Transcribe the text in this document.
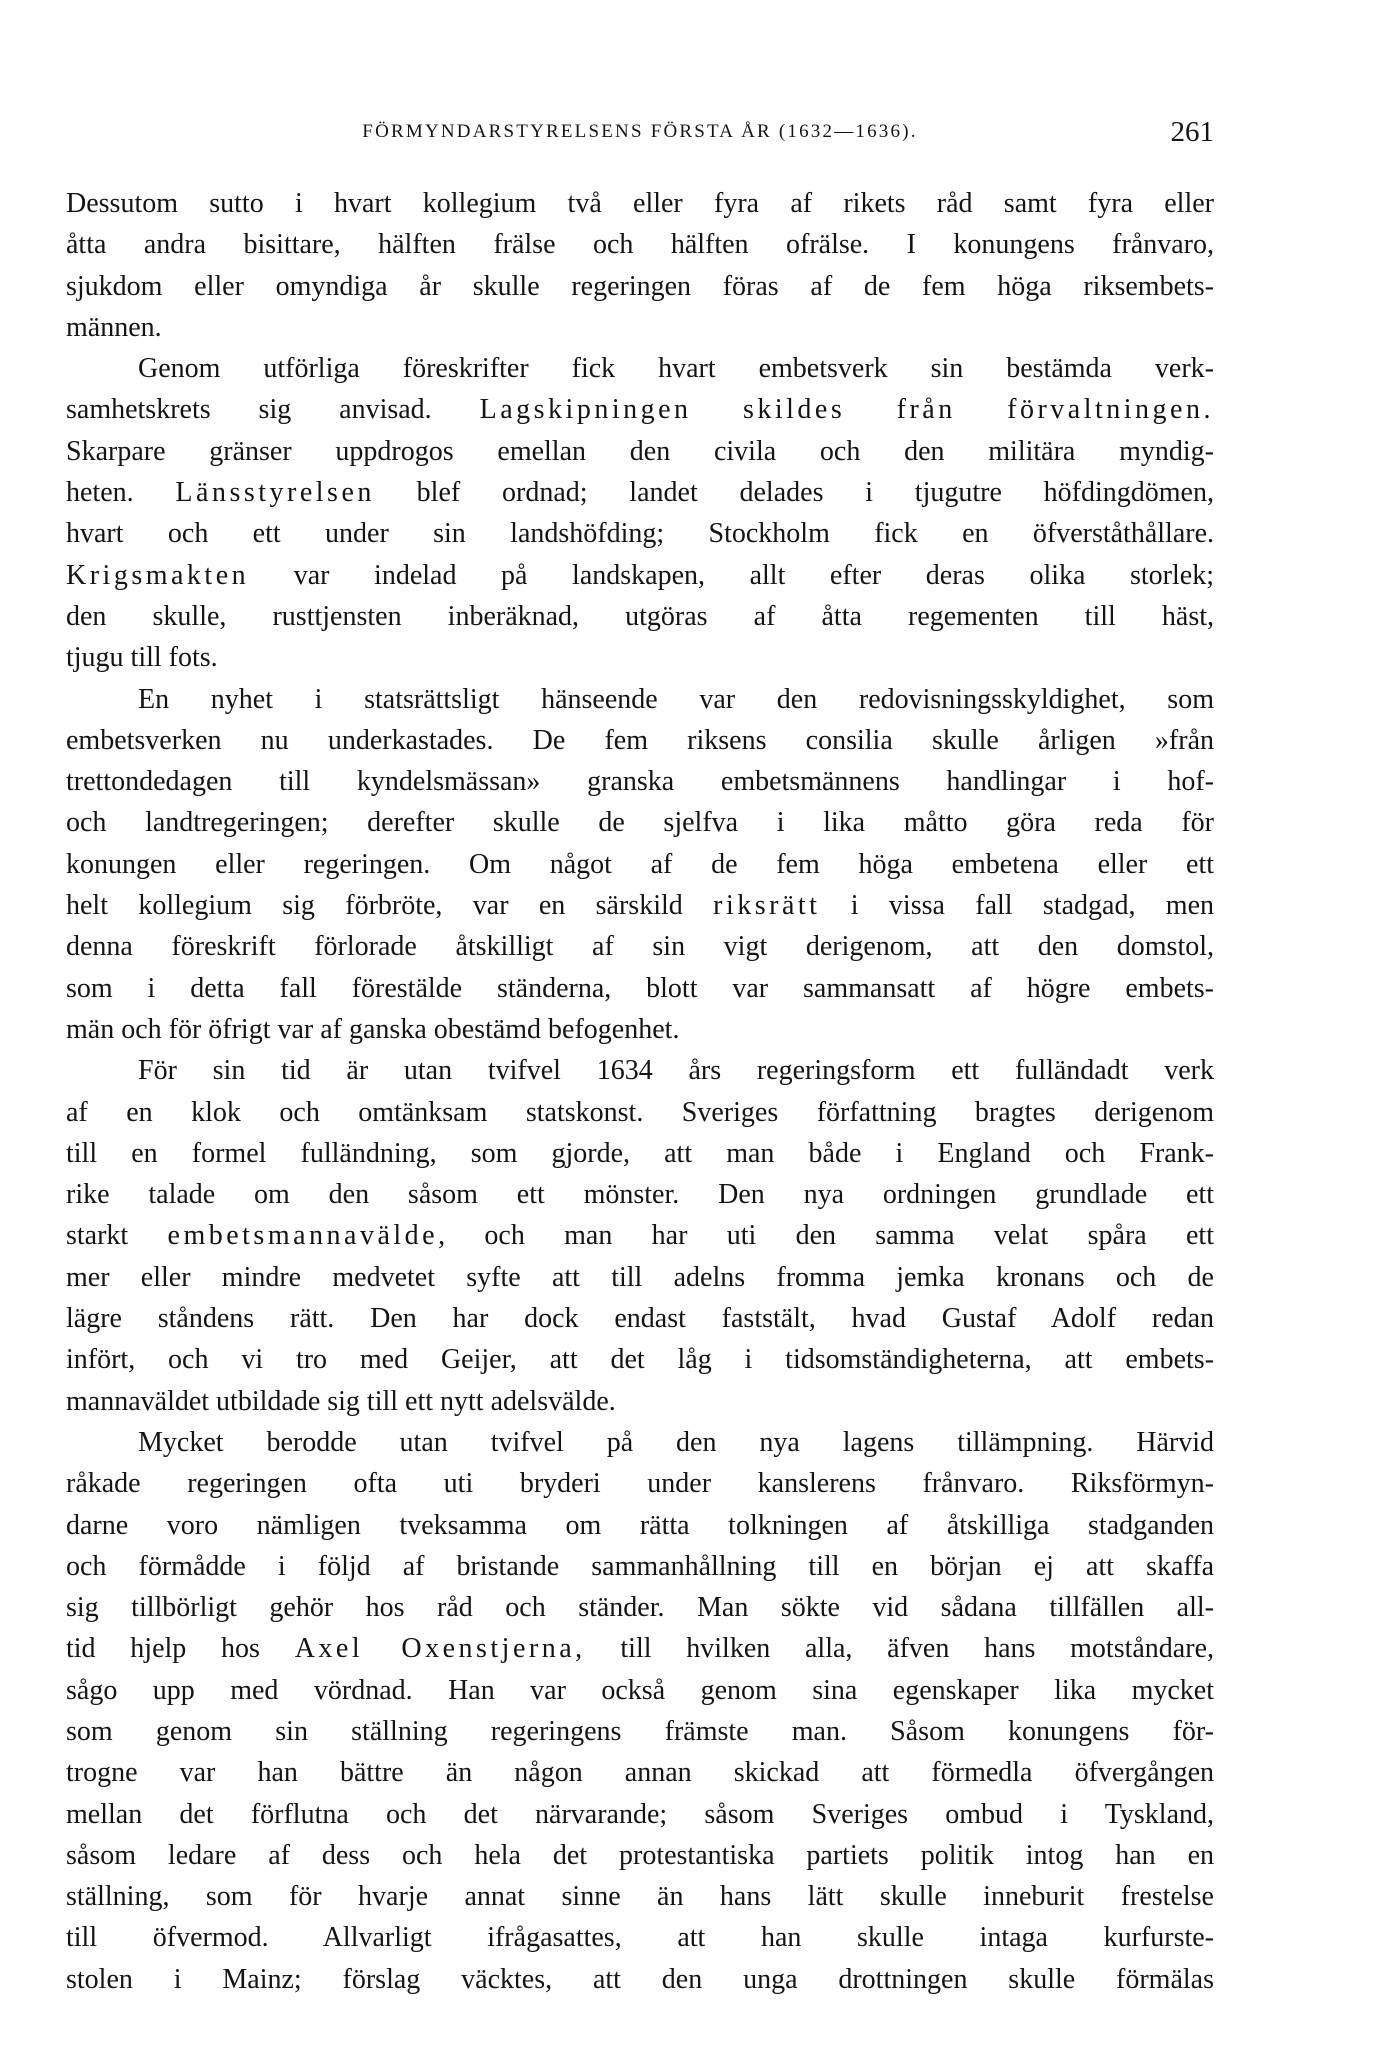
FÖRMYNDARSTYRELSENS FÖRSTA ÅR (1632—1636).	261
Dessutom sutto i hvart kollegium två eller fyra af rikets råd samt fyra eller
åtta andra bisittare, hälften frälse och hälften ofrälse. I konungens frånvaro,
sjukdom eller omyndiga år skulle regeringen föras af de fem höga riksembets-
männen.
Genom utförliga föreskrifter fick hvart embetsverk sin bestämda verk-
samhetskrets sig anvisad. Lagskipningen skildes från förvaltningen.
Skarpare gränser uppdrogos emellan den civila och den militära myndig-
heten. Länsstyrelsen blef ordnad; landet delades i tjugutre höfdingdömen,
hvart och ett under sin landshöfding; Stockholm fick en öfverståthållare.
Krigsmakten var indelad på landskapen, allt efter deras olika storlek;
den skulle, rusttjensten inberäknad, utgöras af åtta regementen till häst,
tjugu till fots.
En nyhet i statsrättsligt hänseende var den redovisningsskyldighet, som
embetsverken nu underkastades. De fem riksens consilia skulle årligen »från
trettondedagen till kyndelsmässan» granska embetsmännens handlingar i hof-
och landtregeringen; derefter skulle de sjelfva i lika måtto göra reda för
konungen eller regeringen. Om något af de fem höga embetena eller ett
helt kollegium sig förbröte, var en särskild riksrätt i vissa fall stadgad, men
denna föreskrift förlorade åtskilligt af sin vigt derigenom, att den domstol,
som i detta fall förestälde ständerna, blott var sammansatt af högre embets-
män och för öfrigt var af ganska obestämd befogenhet.
För sin tid är utan tvifvel 1634 års regeringsform ett fulländadt verk
af en klok och omtänksam statskonst. Sveriges författning bragtes derigenom
till en formel fulländning, som gjorde, att man både i England och Frank-
rike talade om den såsom ett mönster. Den nya ordningen grundlade ett
starkt embetsmannavälde, och man har uti den samma velat spåra ett
mer eller mindre medvetet syfte att till adelns fromma jemka kronans och de
lägre ståndens rätt. Den har dock endast faststält, hvad Gustaf Adolf redan
infört, och vi tro med Geijer, att det låg i tidsomständigheterna, att embets-
mannaväldet utbildade sig till ett nytt adelsvälde.
Mycket berodde utan tvifvel på den nya lagens tillämpning. Härvid
råkade regeringen ofta uti bryderi under kanslerens frånvaro. Riksförmyn-
darne voro nämligen tveksamma om rätta tolkningen af åtskilliga stadganden
och förmådde i följd af bristande sammanhållning till en början ej att skaffa
sig tillbörligt gehör hos råd och ständer. Man sökte vid sådana tillfällen all-
tid hjelp hos Axel Oxenstjerna, till hvilken alla, äfven hans motståndare,
sågo upp med vördnad. Han var också genom sina egenskaper lika mycket
som genom sin ställning regeringens främste man. Såsom konungens för-
trogne var han bättre än någon annan skickad att förmedla öfvergången
mellan det förflutna och det närvarande; såsom Sveriges ombud i Tyskland,
såsom ledare af dess och hela det protestantiska partiets politik intog han en
ställning, som för hvarje annat sinne än hans lätt skulle inneburit frestelse
till öfvermod. Allvarligt ifrågasattes, att han skulle intaga kurfurste-
stolen i Mainz; förslag väcktes, att den unga drottningen skulle förmälas
